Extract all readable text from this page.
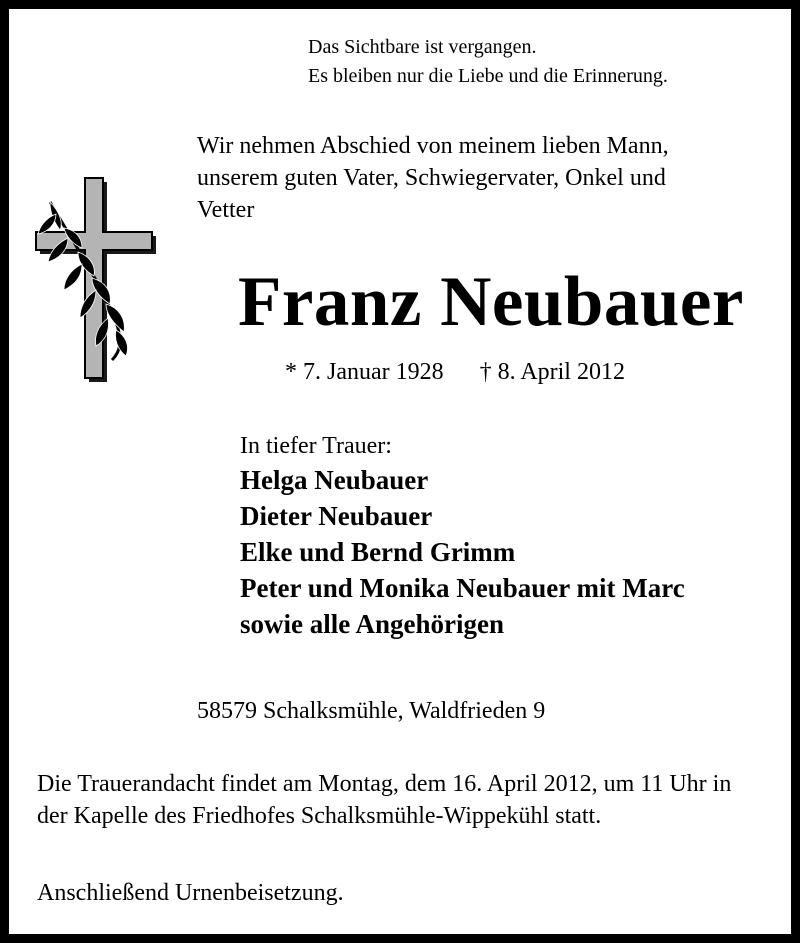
Das Sichtbare ist vergangen.
Es bleiben nur die Liebe und die Erinnerung.
Wir nehmen Abschied von meinem lieben Mann,
unserem guten Vater, Schwiegervater, Onkel und
Vetter
Franz Neubauer
* 7. Januar 1928 † 8. April 2012
In tiefer Trauer:
Helga Neubauer
Dieter Neubauer
Elke und Bernd Grimm
Peter und Monika Neubauer mit Marc
sowie alle Angehörigen
58579 Schalksmühle, Waldfrieden 9
Die Trauerandacht findet am Montag, dem 16. April 2012, um 11 Uhr in der Kapelle des Friedhofes Schalksmühle-Wippekühl statt.
Anschließend Urnenbeisetzung.
